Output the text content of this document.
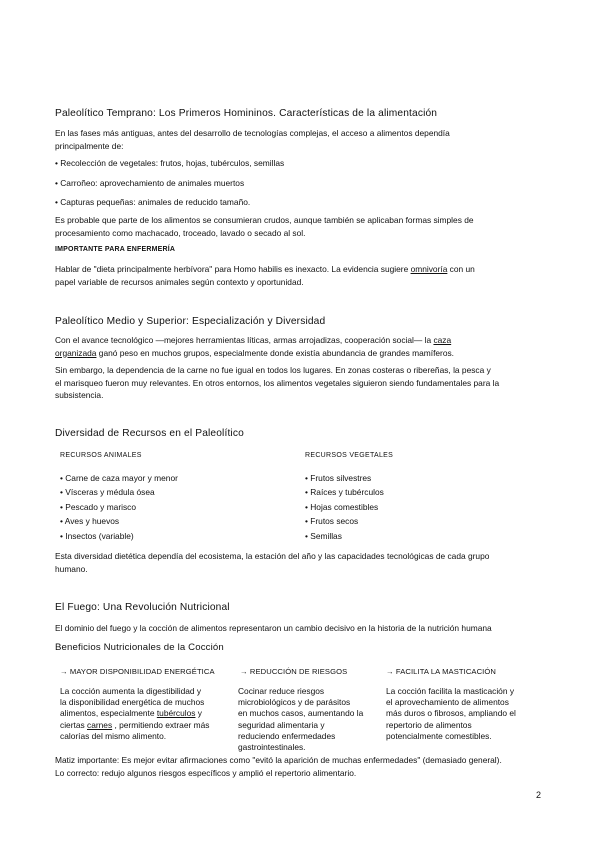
Paleolítico Temprano: Los Primeros Homininos. Características de la alimentación
En las fases más antiguas, antes del desarrollo de tecnologías complejas, el acceso a alimentos dependía
principalmente de:
• Recolección de vegetales: frutos, hojas, tubérculos, semillas
• Carroñeo: aprovechamiento de animales muertos
• Capturas pequeñas: animales de reducido tamaño.
Es probable que parte de los alimentos se consumieran crudos, aunque también se aplicaban formas simples de
procesamiento como machacado, troceado, lavado o secado al sol.
IMPORTANTE PARA ENFERMERÍA
Hablar de "dieta principalmente herbívora" para Homo habilis es inexacto. La evidencia sugiere omnivoría con un
papel variable de recursos animales según contexto y oportunidad.
Paleolítico Medio y Superior: Especialización y Diversidad
Con el avance tecnológico —mejores herramientas líticas, armas arrojadizas, cooperación social— la caza
organizada ganó peso en muchos grupos, especialmente donde existía abundancia de grandes mamíferos.
Sin embargo, la dependencia de la carne no fue igual en todos los lugares. En zonas costeras o ribereñas, la pesca y
el marisqueo fueron muy relevantes. En otros entornos, los alimentos vegetales siguieron siendo fundamentales para la
subsistencia.
Diversidad de Recursos en el Paleolítico
RECURSOS ANIMALES	RECURSOS VEGETALES
• Carne de caza mayor y menor
• Vísceras y médula ósea
• Pescado y marisco
• Aves y huevos
• Insectos (variable)
• Frutos silvestres
• Raíces y tubérculos
• Hojas comestibles
• Frutos secos
• Semillas
Esta diversidad dietética dependía del ecosistema, la estación del año y las capacidades tecnológicas de cada grupo
humano.
El Fuego: Una Revolución Nutricional
El dominio del fuego y la cocción de alimentos representaron un cambio decisivo en la historia de la nutrición humana
Beneficios Nutricionales de la Cocción
→ MAYOR DISPONIBILIDAD ENERGÉTICA	→ REDUCCIÓN DE RIESGOS	→ FACILITA LA MASTICACIÓN
La cocción aumenta la digestibilidad y
la disponibilidad energética de muchos
alimentos, especialmente tubérculos y
ciertas carnes , permitiendo extraer más
calorías del mismo alimento.
Cocinar reduce riesgos
microbiológicos y de parásitos
en muchos casos, aumentando la
seguridad alimentaria y
reduciendo enfermedades
gastrointestinales.
La cocción facilita la masticación y
el aprovechamiento de alimentos
más duros o fibrosos, ampliando el
repertorio de alimentos
potencialmente comestibles.
Matiz importante: Es mejor evitar afirmaciones como "evitó la aparición de muchas enfermedades" (demasiado general).
Lo correcto: redujo algunos riesgos específicos y amplió el repertorio alimentario.
2
